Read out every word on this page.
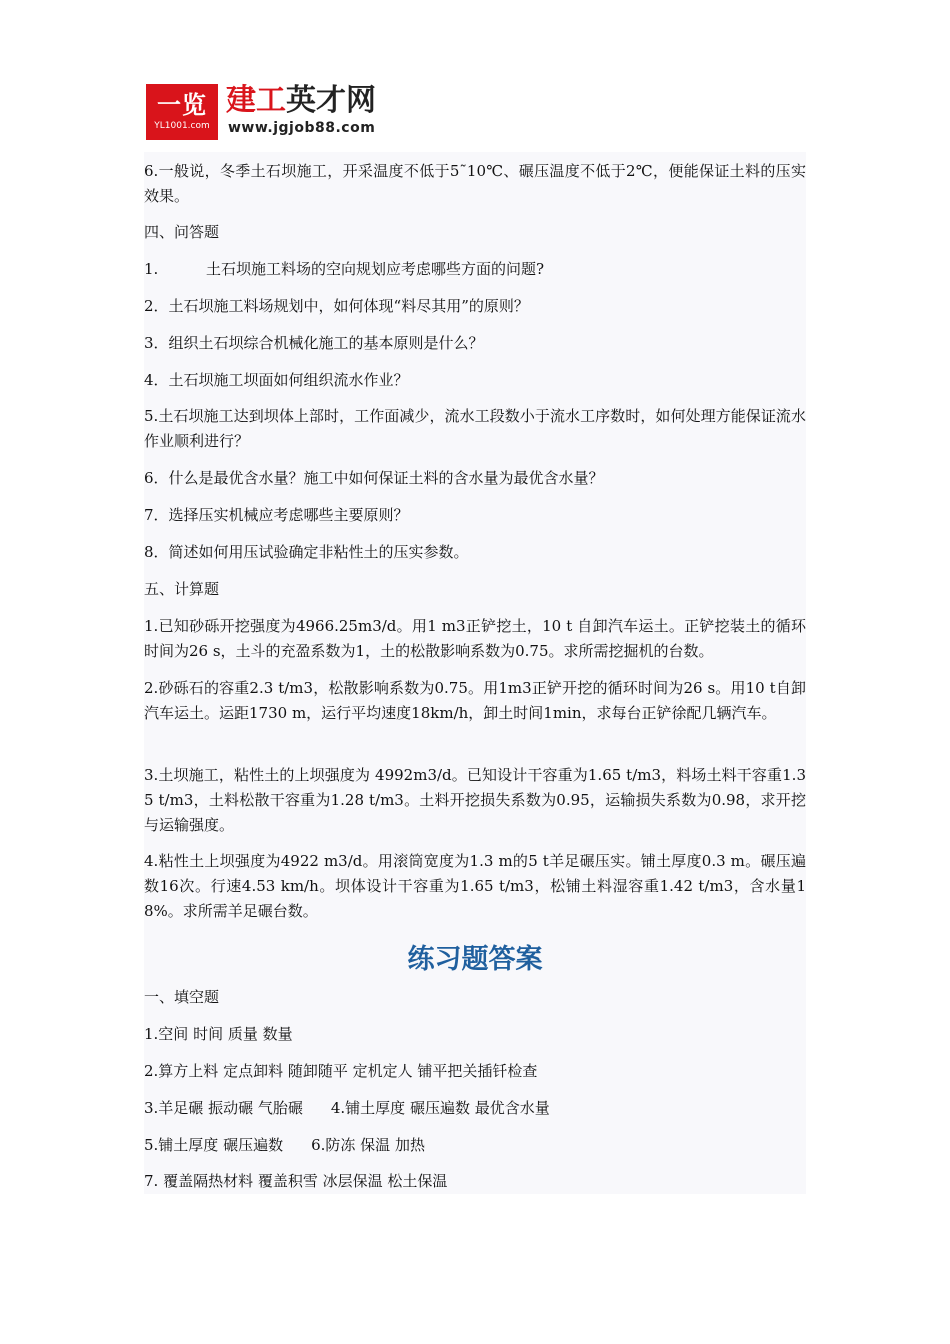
一览
YL1001.com
建工英才网
www.jgjob88.com

6.一般说，冬季土石坝施工，开采温度不低于5˜10℃、碾压温度不低于2℃，便能保证土料的压实效果。

四、问答题

1.	土石坝施工料场的空向规划应考虑哪些方面的问题?

2．土石坝施工料场规划中，如何体现“料尽其用”的原则？

3．组织土石坝综合机械化施工的基本原则是什么？

4．土石坝施工坝面如何组织流水作业？

5.土石坝施工达到坝体上部时，工作面减少，流水工段数小于流水工序数时，如何处理方能保证流水作业顺利进行？

6．什么是最优含水量？施工中如何保证土料的含水量为最优含水量？

7．选择压实机械应考虑哪些主要原则？

8．简述如何用压试验确定非粘性土的压实参数。

五、计算题

1.已知砂砾开挖强度为4966.25m3/d。用1 m3正铲挖土，10 t 自卸汽车运土。正铲挖装土的循环时间为26 s，土斗的充盈系数为1，土的松散影响系数为0.75。求所需挖掘机的台数。

2.砂砾石的容重2.3 t/m3，松散影响系数为0.75。用1m3正铲开挖的循环时间为26 s。用10 t自卸汽车运土。运距1730 m，运行平均速度18km/h，卸土时间1min，求每台正铲徐配几辆汽车。

3.土坝施工，粘性土的上坝强度为 4992m3/d。已知设计干容重为1.65 t/m3，料场土料干容重1.35 t/m3，土料松散干容重为1.28 t/m3。土料开挖损失系数为0.95，运输损失系数为0.98，求开挖与运输强度。

4.粘性土上坝强度为4922 m3/d。用滚筒宽度为1.3 m的5 t羊足碾压实。铺土厚度0.3 m。碾压遍数16次。行速4.53 km/h。坝体设计干容重为1.65 t/m3，松铺土料湿容重1.42 t/m3，含水量18%。求所需羊足碾台数。

练习题答案

一、填空题

1.空间 时间 质量 数量

2.算方上料 定点卸料 随卸随平 定机定人 铺平把关插钎检查

3.羊足碾 振动碾 气胎碾 4.铺土厚度 碾压遍数 最优含水量

5.铺土厚度 碾压遍数 6.防冻 保温 加热

7. 覆盖隔热材料 覆盖积雪 冰层保温 松土保温
